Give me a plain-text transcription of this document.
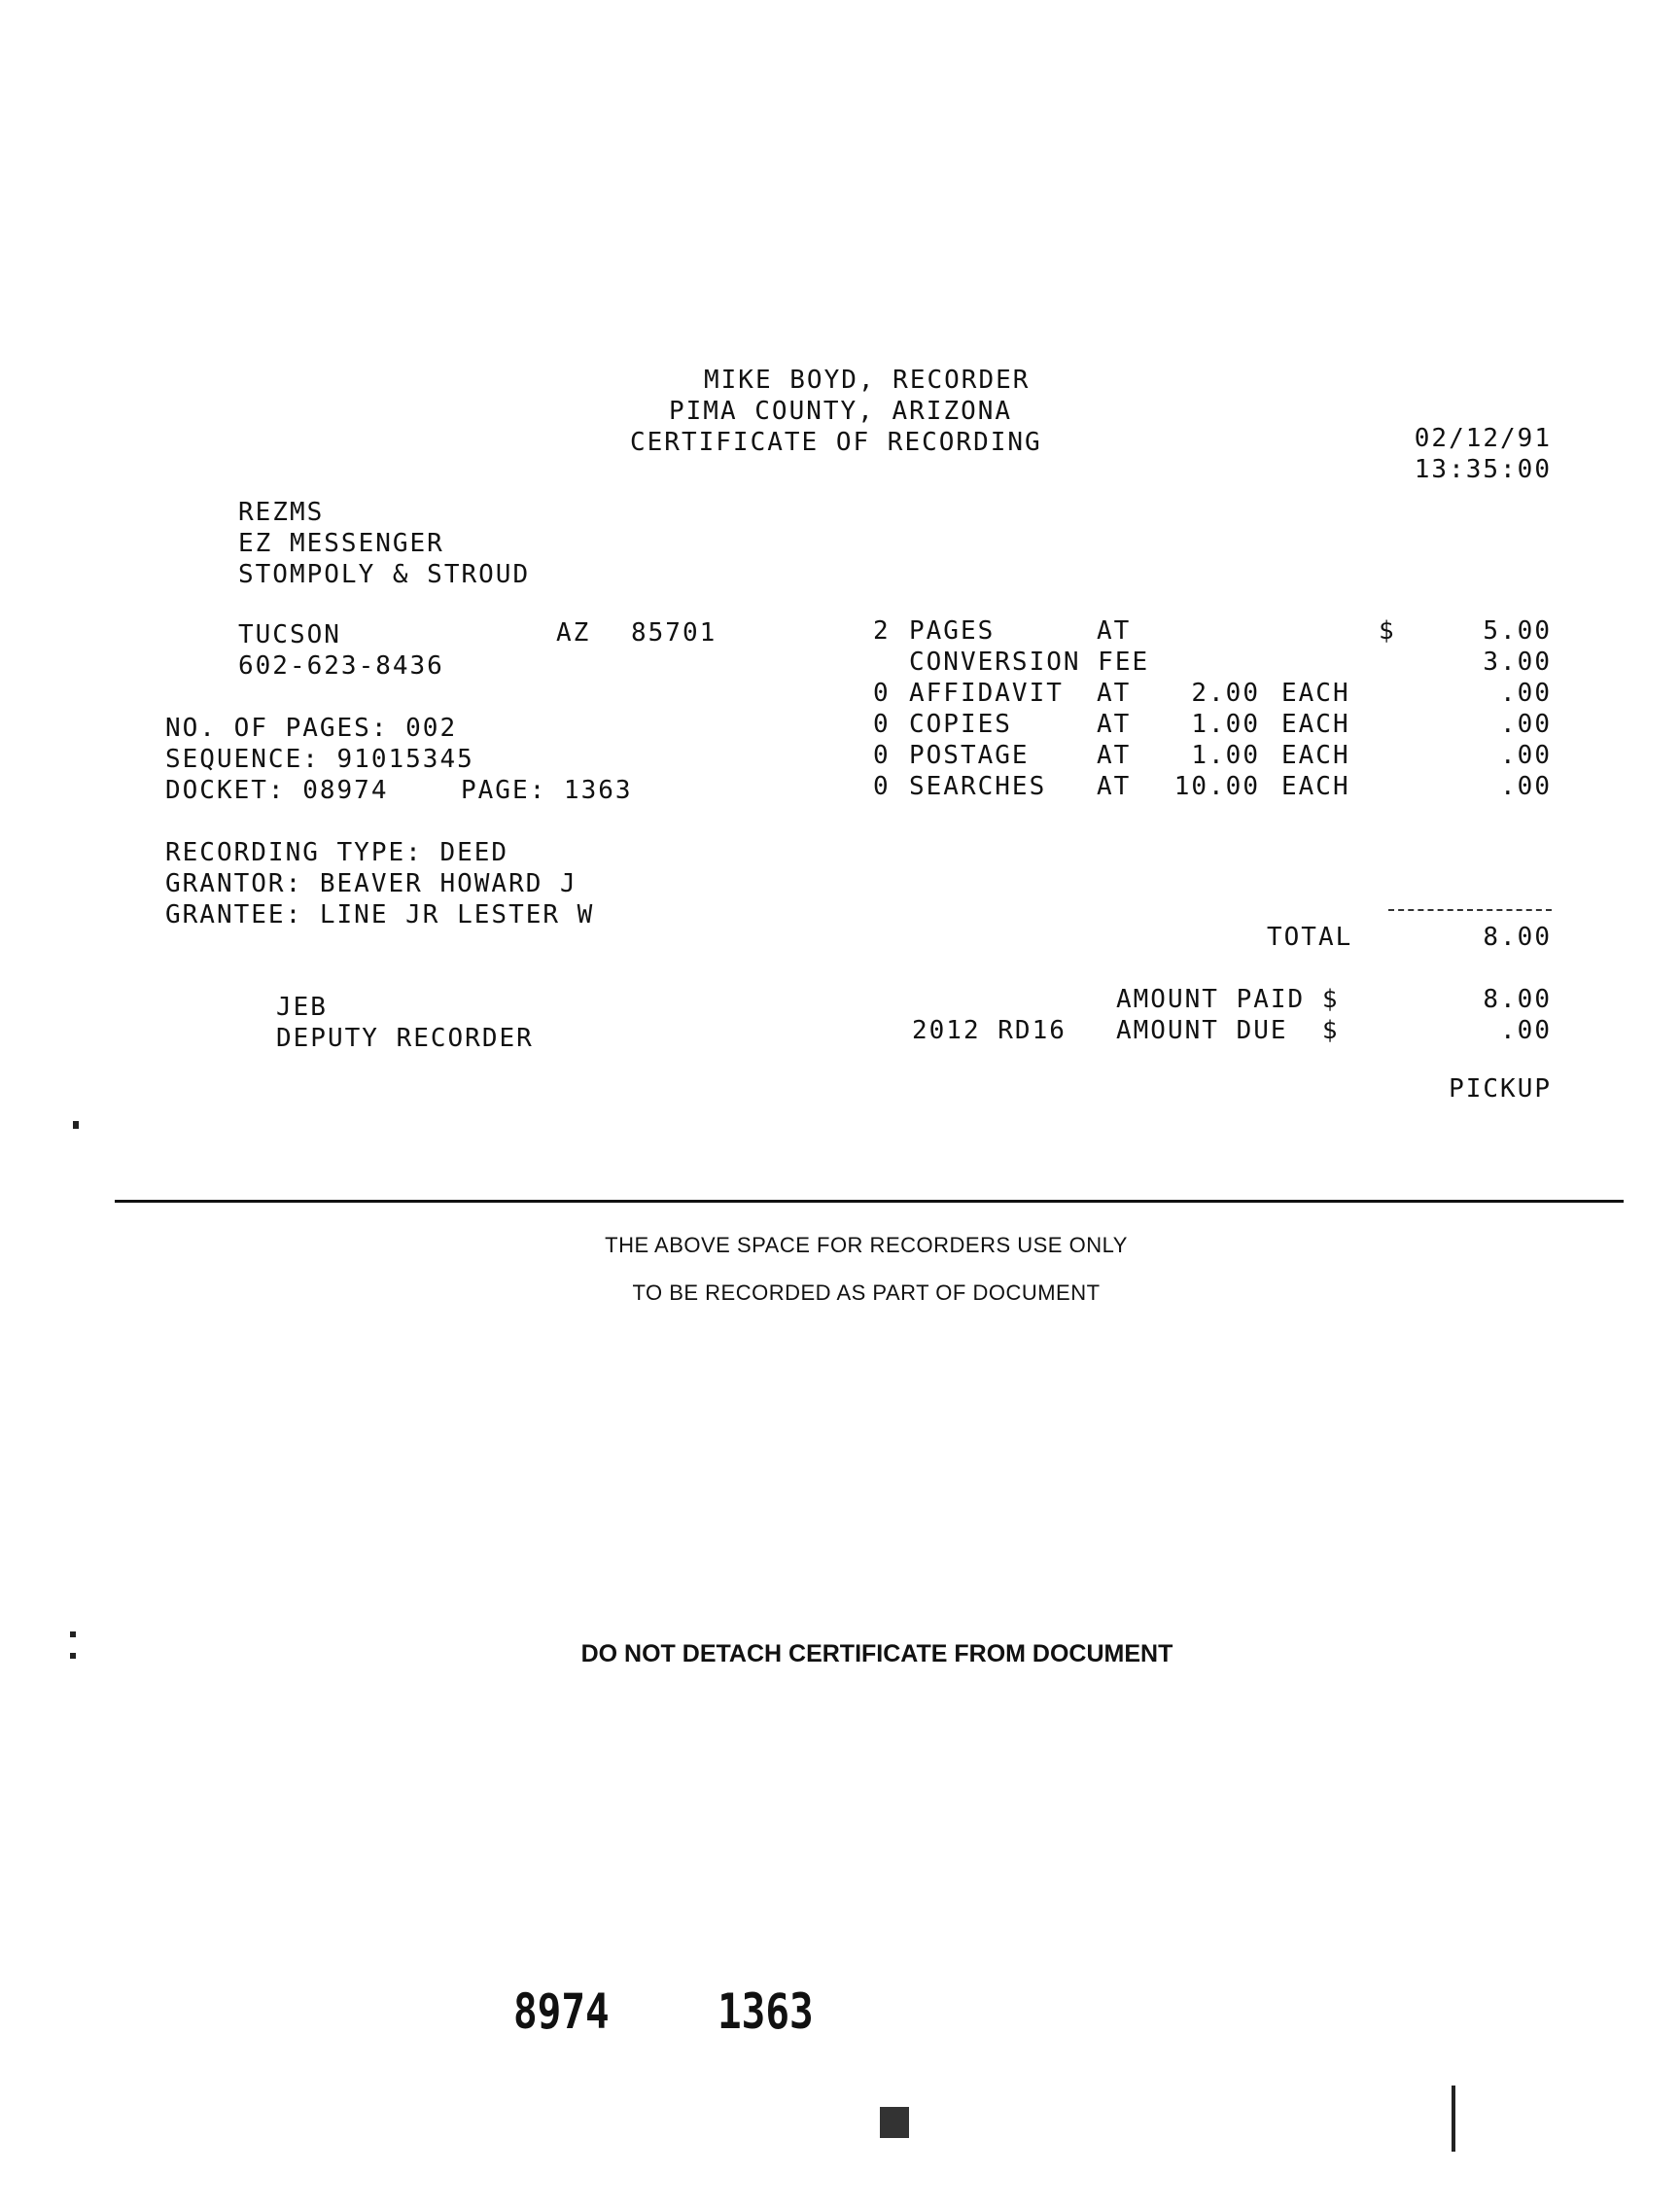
MIKE BOYD, RECORDER
PIMA COUNTY, ARIZONA
CERTIFICATE OF RECORDING	02/12/91
13:35:00
REZMS
EZ MESSENGER
STOMPOLY & STROUD
TUCSON	AZ 85701
602-623-8436
NO. OF PAGES: 002
SEQUENCE: 91015345
DOCKET: 08974	PAGE: 1363
RECORDING TYPE: DEED
GRANTOR: BEAVER HOWARD J
GRANTEE: LINE JR LESTER W
2 PAGES	AT	$	5.00
CONVERSION FEE	3.00
0 AFFIDAVIT AT	2.00 EACH	.00
0 COPIES	AT	1.00 EACH	.00
0 POSTAGE	AT	1.00 EACH	.00
0 SEARCHES AT	10.00 EACH	.00
TOTAL	8.00
AMOUNT PAID $	8.00
2012 RD16 AMOUNT DUE  $	.00
PICKUP
JEB
DEPUTY RECORDER
THE ABOVE SPACE FOR RECORDERS USE ONLY
TO BE RECORDED AS PART OF DOCUMENT
DO NOT DETACH CERTIFICATE FROM DOCUMENT
8974 1363
